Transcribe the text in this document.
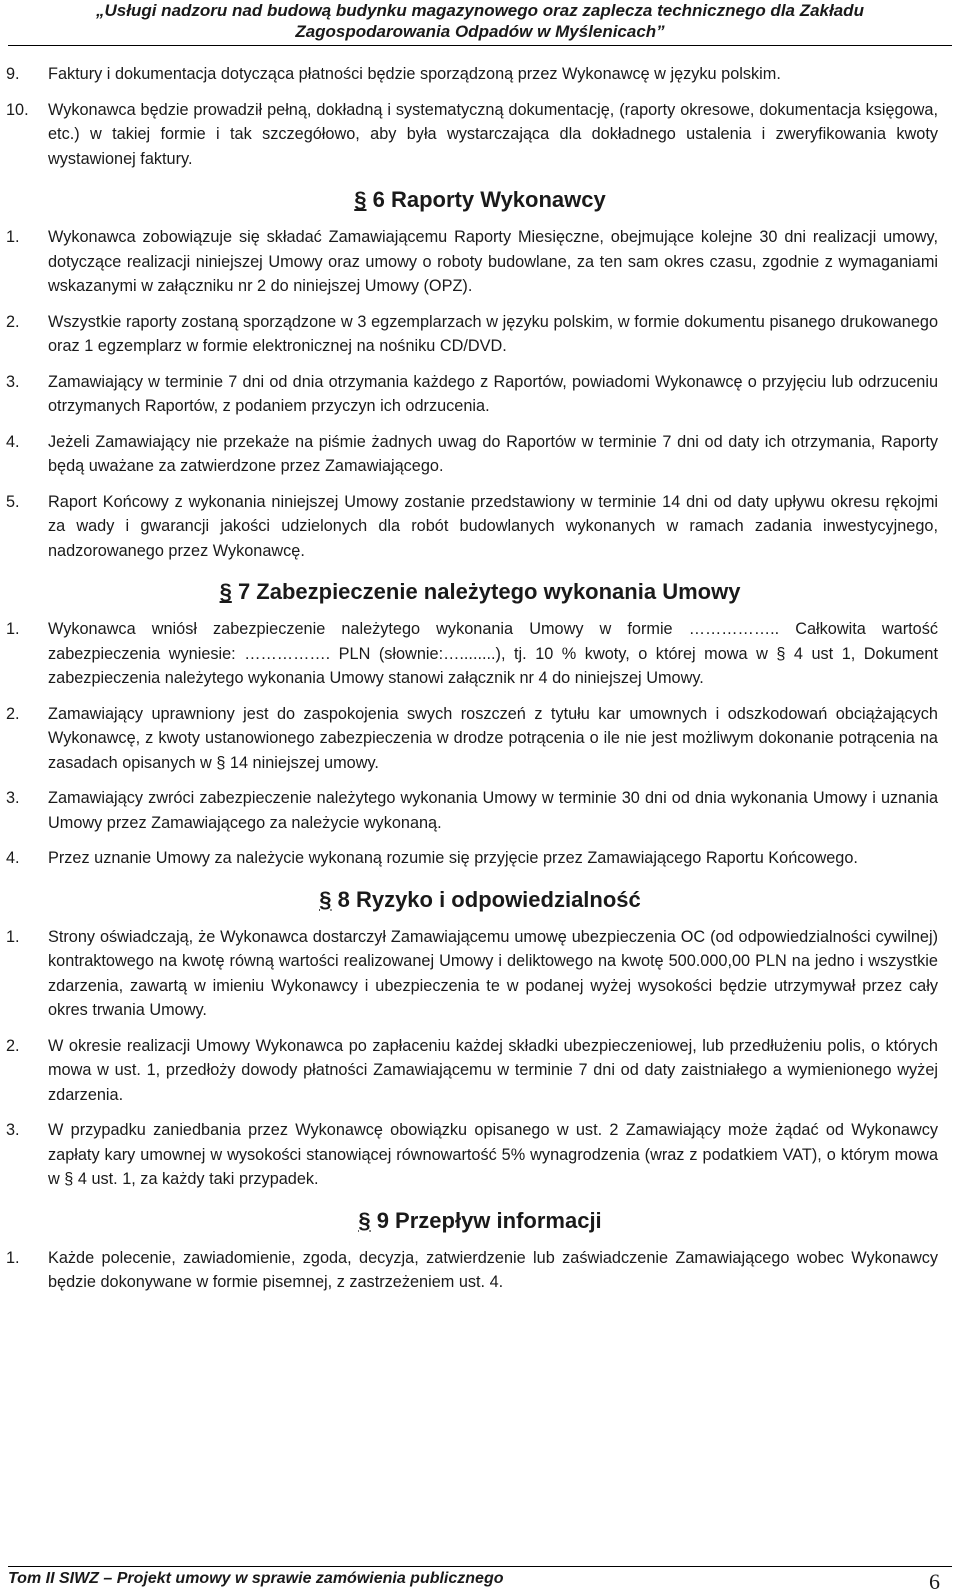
„Usługi nadzoru nad budową budynku magazynowego oraz zaplecza technicznego dla Zakładu
Zagospodarowania Odpadów w Myślenicach”
9. Faktury i dokumentacja dotycząca płatności będzie sporządzoną przez Wykonawcę w języku polskim.
10. Wykonawca będzie prowadził pełną, dokładną i systematyczną dokumentację, (raporty okresowe, dokumentacja księgowa, etc.) w takiej formie i tak szczegółowo, aby była wystarczająca dla dokładnego ustalenia i zweryfikowania kwoty wystawionej faktury.
§ 6 Raporty Wykonawcy
1. Wykonawca zobowiązuje się składać Zamawiającemu Raporty Miesięczne, obejmujące kolejne 30 dni realizacji umowy, dotyczące realizacji niniejszej Umowy oraz umowy o roboty budowlane, za ten sam okres czasu, zgodnie z wymaganiami wskazanymi w załączniku nr 2 do niniejszej Umowy (OPZ).
2. Wszystkie raporty zostaną sporządzone w 3 egzemplarzach w języku polskim, w formie dokumentu pisanego drukowanego oraz 1 egzemplarz w formie elektronicznej na nośniku CD/DVD.
3. Zamawiający w terminie 7 dni od dnia otrzymania każdego z Raportów, powiadomi Wykonawcę o przyjęciu lub odrzuceniu otrzymanych Raportów, z podaniem przyczyn ich odrzucenia.
4. Jeżeli Zamawiający nie przekaże na piśmie żadnych uwag do Raportów w terminie 7 dni od daty ich otrzymania, Raporty będą uważane za zatwierdzone przez Zamawiającego.
5. Raport Końcowy z wykonania niniejszej Umowy zostanie przedstawiony w terminie 14 dni od daty upływu okresu rękojmi za wady i gwarancji jakości udzielonych dla robót budowlanych wykonanych w ramach zadania inwestycyjnego, nadzorowanego przez Wykonawcę.
§ 7 Zabezpieczenie należytego wykonania Umowy
1. Wykonawca wniósł zabezpieczenie należytego wykonania Umowy w formie …………….. Całkowita wartość zabezpieczenia wyniesie: ……………. PLN (słownie:…........), tj. 10 % kwoty, o której mowa w § 4 ust 1, Dokument zabezpieczenia należytego wykonania Umowy stanowi załącznik nr 4 do niniejszej Umowy.
2. Zamawiający uprawniony jest do zaspokojenia swych roszczeń z tytułu kar umownych i odszkodowań obciążających Wykonawcę, z kwoty ustanowionego zabezpieczenia w drodze potrącenia o ile nie jest możliwym dokonanie potrącenia na zasadach opisanych w § 14 niniejszej umowy.
3. Zamawiający zwróci zabezpieczenie należytego wykonania Umowy w terminie 30 dni od dnia wykonania Umowy i uznania Umowy przez Zamawiającego za należycie wykonaną.
4. Przez uznanie Umowy za należycie wykonaną rozumie się przyjęcie przez Zamawiającego Raportu Końcowego.
§ 8 Ryzyko i odpowiedzialność
1. Strony oświadczają, że Wykonawca dostarczył Zamawiającemu umowę ubezpieczenia OC (od odpowiedzialności cywilnej) kontraktowego na kwotę równą wartości realizowanej Umowy i deliktowego na kwotę 500.000,00 PLN na jedno i wszystkie zdarzenia, zawartą w imieniu Wykonawcy i ubezpieczenia te w podanej wyżej wysokości będzie utrzymywał przez cały okres trwania Umowy.
2. W okresie realizacji Umowy Wykonawca po zapłaceniu każdej składki ubezpieczeniowej, lub przedłużeniu polis, o których mowa w ust. 1, przedłoży dowody płatności Zamawiającemu w terminie 7 dni od daty zaistniałego a wymienionego wyżej zdarzenia.
3. W przypadku zaniedbania przez Wykonawcę obowiązku opisanego w ust. 2 Zamawiający może żądać od Wykonawcy zapłaty kary umownej w wysokości stanowiącej równowartość 5% wynagrodzenia (wraz z podatkiem VAT), o którym mowa w § 4 ust. 1, za każdy taki przypadek.
§ 9 Przepływ informacji
1. Każde polecenie, zawiadomienie, zgoda, decyzja, zatwierdzenie lub zaświadczenie Zamawiającego wobec Wykonawcy będzie dokonywane w formie pisemnej, z zastrzeżeniem ust. 4.
Tom II SIWZ – Projekt umowy w sprawie zamówienia publicznego	6
